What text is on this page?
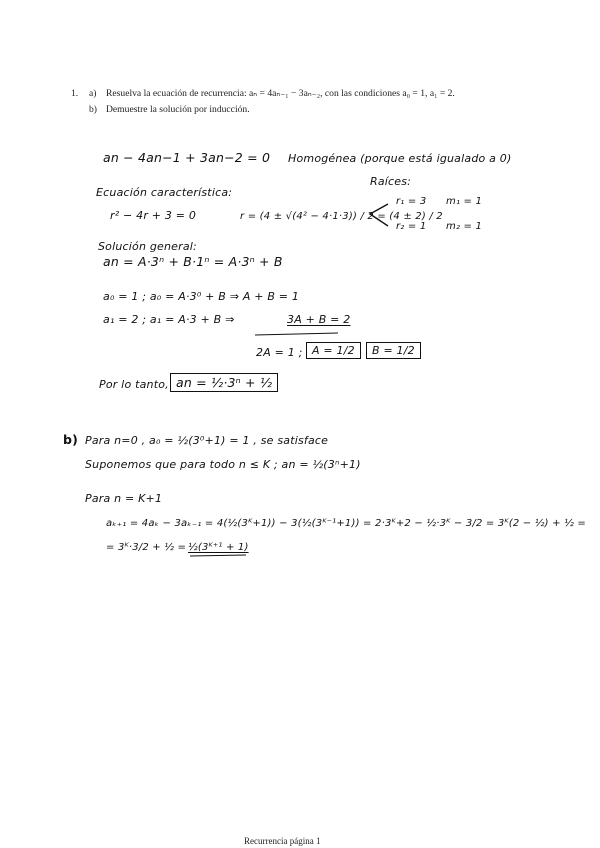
1. a) Resuelva la ecuación de recurrencia: aₙ = 4aₙ₋₁ − 3aₙ₋₂, con las condiciones a₀ = 1, a₁ = 2.
b) Demuestre la solución por inducción.
an − 4an−1 + 3an−2 = 0 Homogénea (porque está igualado a 0)
Ecuación característica:
Raíces:
r² − 4r + 3 = 0	r = (4 ± √(4² − 4·1·3)) / 2 = (4 ± 2) / 2
r₁ = 3 m₁ = 1
r₂ = 1 m₂ = 1
Solución general:
an = A·3ⁿ + B·1ⁿ = A·3ⁿ + B
a₀ = 1 ; a₀ = A·3⁰ + B ⇒ A + B = 1
a₁ = 2 ; a₁ = A·3 + B ⇒	3A + B = 2
2A = 1 ; A = 1/2	B = 1/2
Por lo tanto, an = ½·3ⁿ + ½
b) Para n=0 , a₀ = ½(3⁰+1) = 1 , se satisface
Suponemos que para todo n ≤ K ; an = ½(3ⁿ+1)
Para n = K+1
aₖ₊₁ = 4aₖ − 3aₖ₋₁ = 4(½(3ᴷ+1)) − 3(½(3ᴷ⁻¹+1)) = 2·3ᴷ+2 − ½·3ᴷ − 3/2 = 3ᴷ(2 − ½) + ½ =
= 3ᴷ·3/2 + ½ = ½(3ᴷ⁺¹ + 1)
Recurrencia página 1
